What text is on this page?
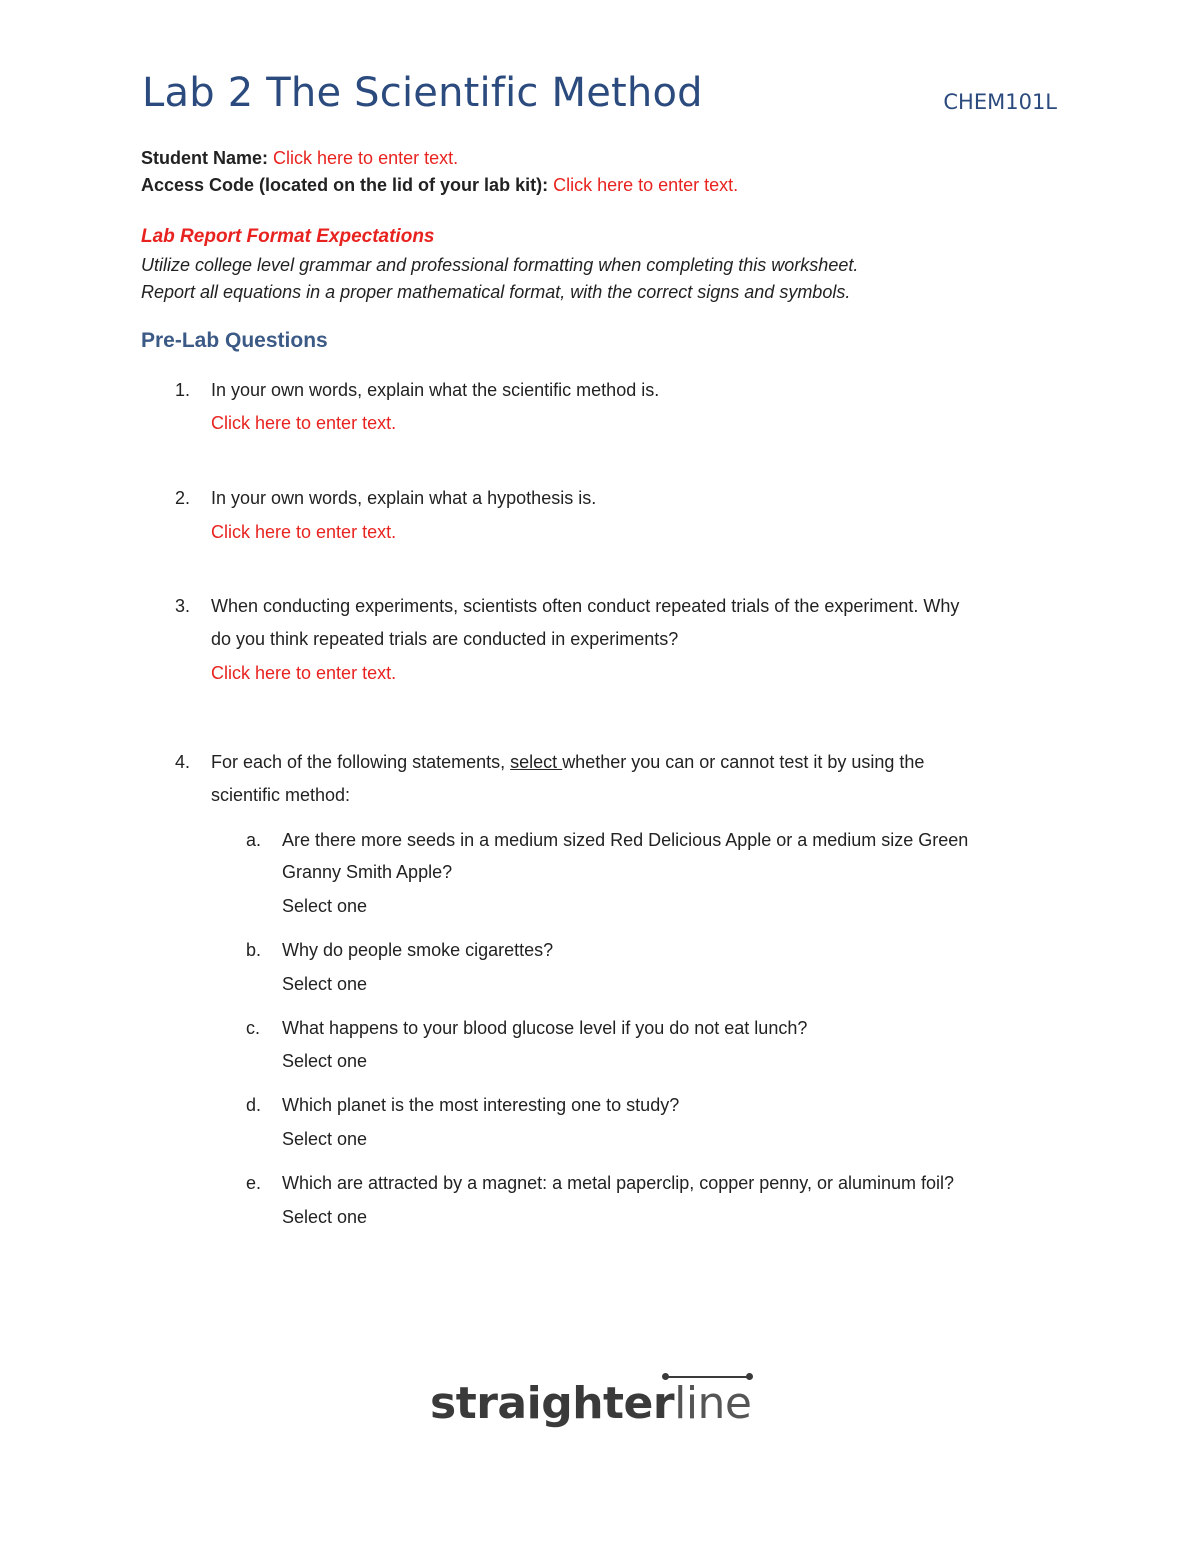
Lab 2 The Scientific Method	CHEM101L
Student Name: Click here to enter text.
Access Code (located on the lid of your lab kit): Click here to enter text.
Lab Report Format Expectations
Utilize college level grammar and professional formatting when completing this worksheet.
Report all equations in a proper mathematical format, with the correct signs and symbols.
Pre-Lab Questions
1.	In your own words, explain what the scientific method is.
Click here to enter text.
2.	In your own words, explain what a hypothesis is.
Click here to enter text.
3.	When conducting experiments, scientists often conduct repeated trials of the experiment. Why
do you think repeated trials are conducted in experiments?
Click here to enter text.
4.	For each of the following statements, select whether you can or cannot test it by using the
scientific method:
a.	Are there more seeds in a medium sized Red Delicious Apple or a medium size Green
Granny Smith Apple?
Select one
b.	Why do people smoke cigarettes?
Select one
c.	What happens to your blood glucose level if you do not eat lunch?
Select one
d.	Which planet is the most interesting one to study?
Select one
e.	Which are attracted by a magnet: a metal paperclip, copper penny, or aluminum foil?
Select one
straighterline
